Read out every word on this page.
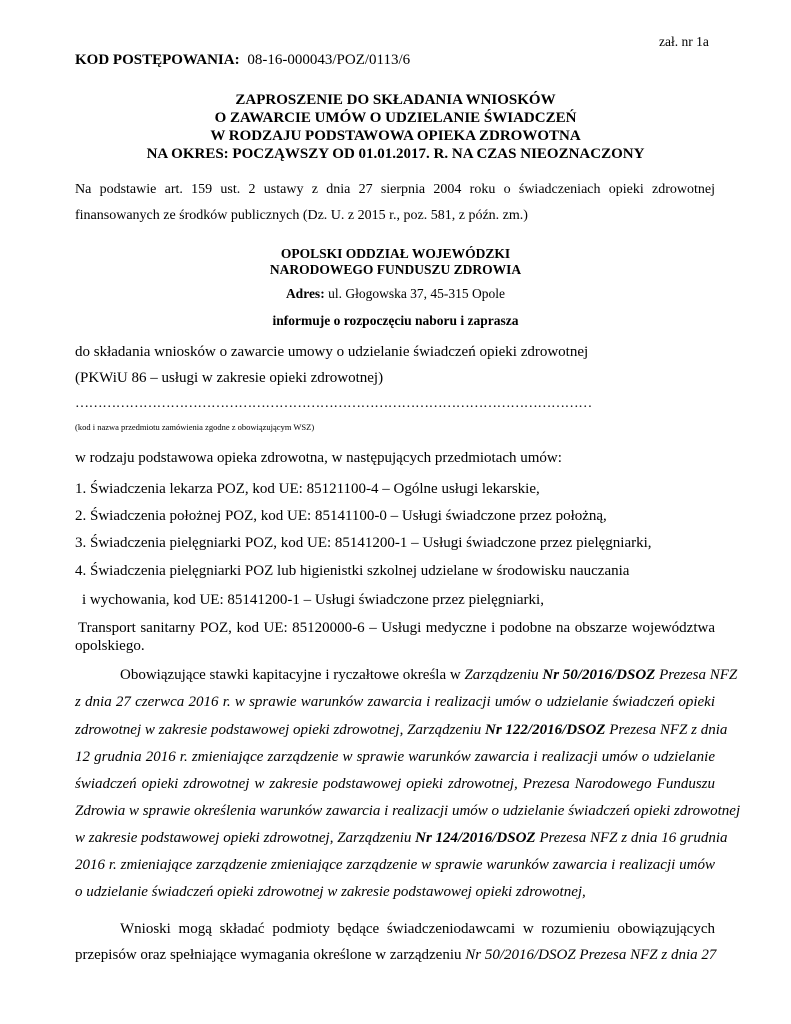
zał. nr 1a
KOD POSTĘPOWANIA: 08-16-000043/POZ/0113/6
ZAPROSZENIE DO SKŁADANIA WNIOSKÓW
O ZAWARCIE UMÓW O UDZIELANIE ŚWIADCZEŃ
W RODZAJU PODSTAWOWA OPIEKA ZDROWOTNA
NA OKRES: POCZĄWSZY OD 01.01.2017. R. NA CZAS NIEOZNACZONY
Na podstawie art. 159 ust. 2 ustawy z dnia 27 sierpnia 2004 roku o świadczeniach opieki zdrowotnej
finansowanych ze środków publicznych (Dz. U. z 2015 r., poz. 581, z późn. zm.)
OPOLSKI ODDZIAŁ WOJEWÓDZKI
NARODOWEGO FUNDUSZU ZDROWIA
Adres: ul. Głogowska 37, 45-315 Opole
informuje o rozpoczęciu naboru i zaprasza
do składania wniosków o zawarcie umowy o udzielanie świadczeń opieki zdrowotnej
(PKWiU 86 – usługi w zakresie opieki zdrowotnej)
……………………………………………………………………………………………………
(kod i nazwa przedmiotu zamówienia zgodne z obowiązującym WSZ)
w rodzaju podstawowa opieka zdrowotna, w następujących przedmiotach umów:
1. Świadczenia lekarza POZ, kod UE: 85121100-4 – Ogólne usługi lekarskie,
2. Świadczenia położnej POZ, kod UE: 85141100-0 – Usługi świadczone przez położną,
3. Świadczenia pielęgniarki POZ, kod UE: 85141200-1 – Usługi świadczone przez pielęgniarki,
4. Świadczenia pielęgniarki POZ lub higienistki szkolnej udzielane w środowisku nauczania
i wychowania, kod UE: 85141200-1 – Usługi świadczone przez pielęgniarki,
Transport sanitarny POZ, kod UE: 85120000-6 – Usługi medyczne i podobne na obszarze województwa
opolskiego.
Obowiązujące stawki kapitacyjne i ryczałtowe określa w Zarządzeniu Nr 50/2016/DSOZ Prezesa NFZ
z dnia 27 czerwca 2016 r. w sprawie warunków zawarcia i realizacji umów o udzielanie świadczeń opieki
zdrowotnej w zakresie podstawowej opieki zdrowotnej, Zarządzeniu Nr 122/2016/DSOZ Prezesa NFZ z dnia
12 grudnia 2016 r. zmieniające zarządzenie w sprawie warunków zawarcia i realizacji umów o udzielanie
świadczeń opieki zdrowotnej w zakresie podstawowej opieki zdrowotnej, Prezesa Narodowego Funduszu
Zdrowia w sprawie określenia warunków zawarcia i realizacji umów o udzielanie świadczeń opieki zdrowotnej
w zakresie podstawowej opieki zdrowotnej, Zarządzeniu Nr 124/2016/DSOZ Prezesa NFZ z dnia 16 grudnia
2016 r. zmieniające zarządzenie zmieniające zarządzenie w sprawie warunków zawarcia i realizacji umów
o udzielanie świadczeń opieki zdrowotnej w zakresie podstawowej opieki zdrowotnej,
Wnioski mogą składać podmioty będące świadczeniodawcami w rozumieniu obowiązujących
przepisów oraz spełniające wymagania określone w zarządzeniu Nr 50/2016/DSOZ Prezesa NFZ z dnia 27
